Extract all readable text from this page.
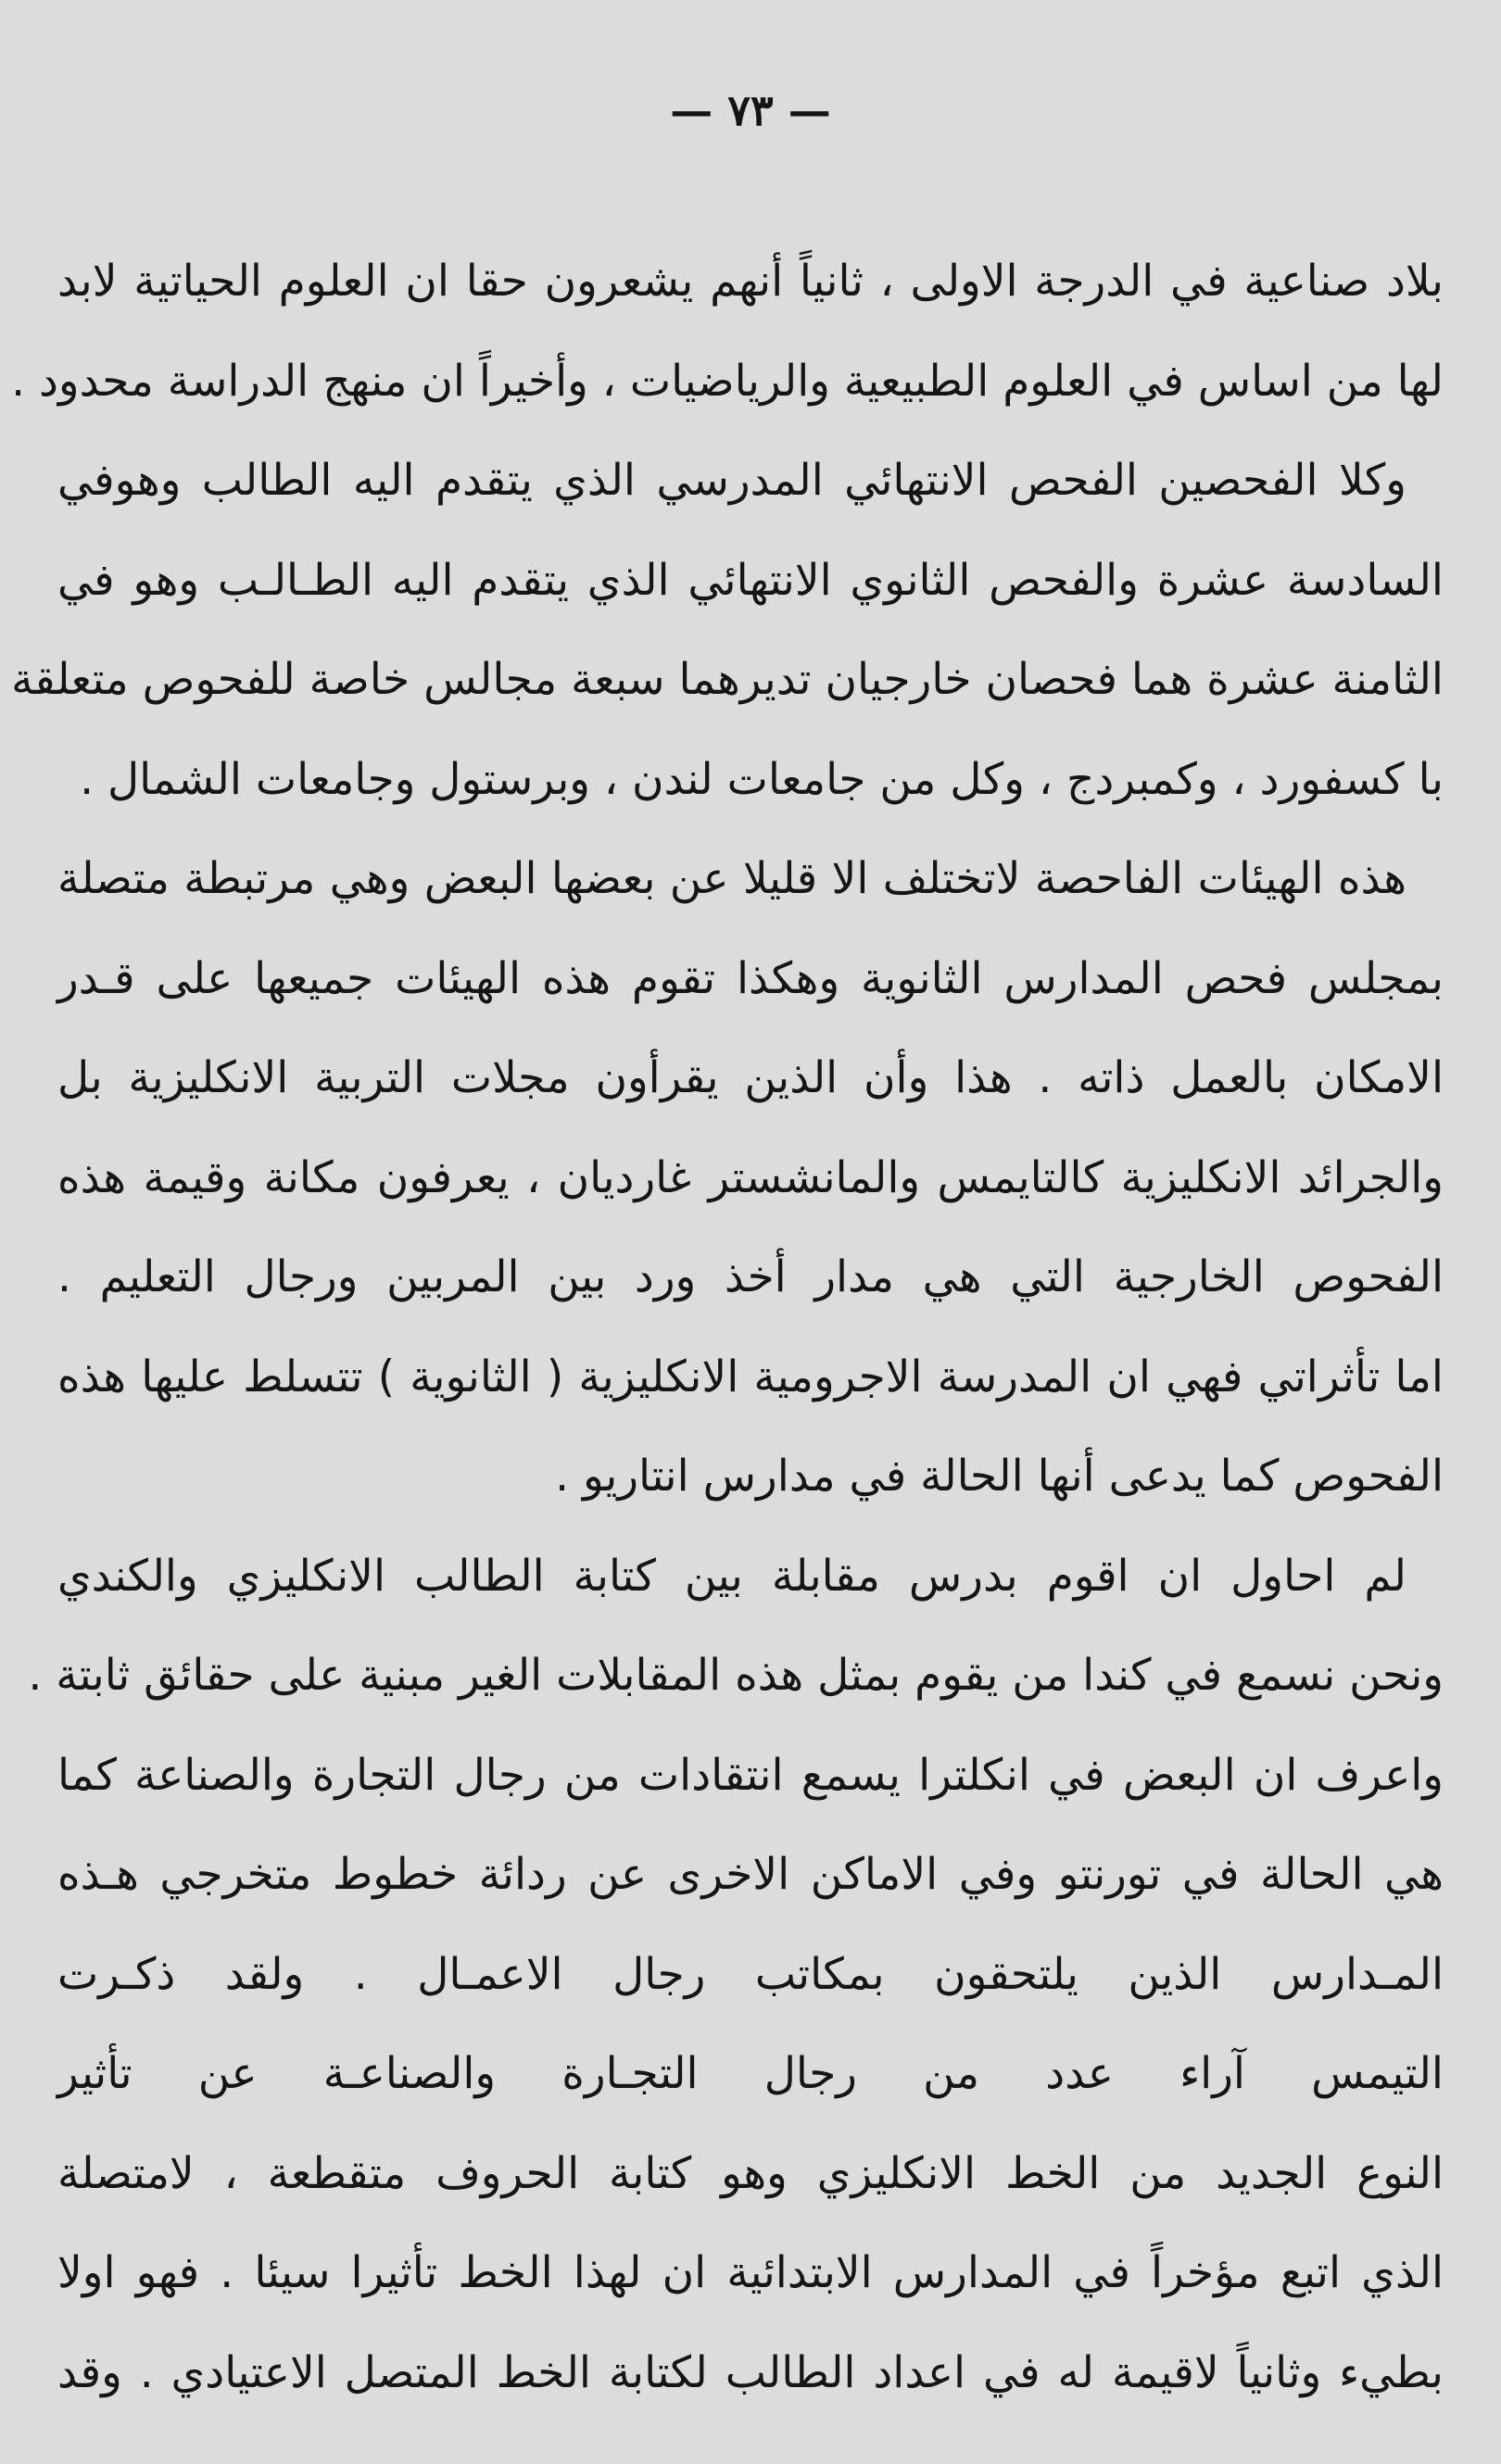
— ٧٣ —
بلاد صناعية في الدرجة الاولى ، ثانياً أنهم يشعرون حقا ان العلوم الحياتية لابد
لها من اساس في العلوم الطبيعية والرياضيات ، وأخيراً ان منهج الدراسة محدود .
وكلا الفحصين الفحص الانتهائي المدرسي الذي يتقدم اليه الطالب وهوفي
السادسة عشرة والفحص الثانوي الانتهائي الذي يتقدم اليه الطـالـب وهو في
الثامنة عشرة هما فحصان خارجيان تديرهما سبعة مجالس خاصة للفحوص متعلقة
با كسفورد ، وكمبردج ، وكل من جامعات لندن ، وبرستول وجامعات الشمال .
هذه الهيئات الفاحصة لاتختلف الا قليلا عن بعضها البعض وهي مرتبطة متصلة
بمجلس فحص المدارس الثانوية وهكذا تقوم هذه الهيئات جميعها على قـدر
الامكان بالعمل ذاته . هذا وأن الذين يقرأون مجلات التربية الانكليزية بل
والجرائد الانكليزية كالتايمس والمانشستر غارديان ، يعرفون مكانة وقيمة هذه
الفحوص الخارجية التي هي مدار أخذ ورد بين المربين ورجال التعليم .
اما تأثراتي فهي ان المدرسة الاجرومية الانكليزية ( الثانوية ) تتسلط عليها هذه
الفحوص كما يدعى أنها الحالة في مدارس انتاريو .
لم احاول ان اقوم بدرس مقابلة بين كتابة الطالب الانكليزي والكندي
ونحن نسمع في كندا من يقوم بمثل هذه المقابلات الغير مبنية على حقائق ثابتة .
واعرف ان البعض في انكلترا يسمع انتقادات من رجال التجارة والصناعة كما
هي الحالة في تورنتو وفي الاماكن الاخرى عن ردائة خطوط متخرجي هـذه
المـدارس الذين يلتحقون بمكاتب رجال الاعمـال . ولقد ذكـرت
التيمس آراء عدد من رجال التجـارة والصناعـة عن تأثير
النوع الجديد من الخط الانكليزي وهو كتابة الحروف متقطعة ، لامتصلة
الذي اتبع مؤخراً في المدارس الابتدائية ان لهذا الخط تأثيرا سيئا . فهو اولا
بطيء وثانياً لاقيمة له في اعداد الطالب لكتابة الخط المتصل الاعتيادي . وقد
